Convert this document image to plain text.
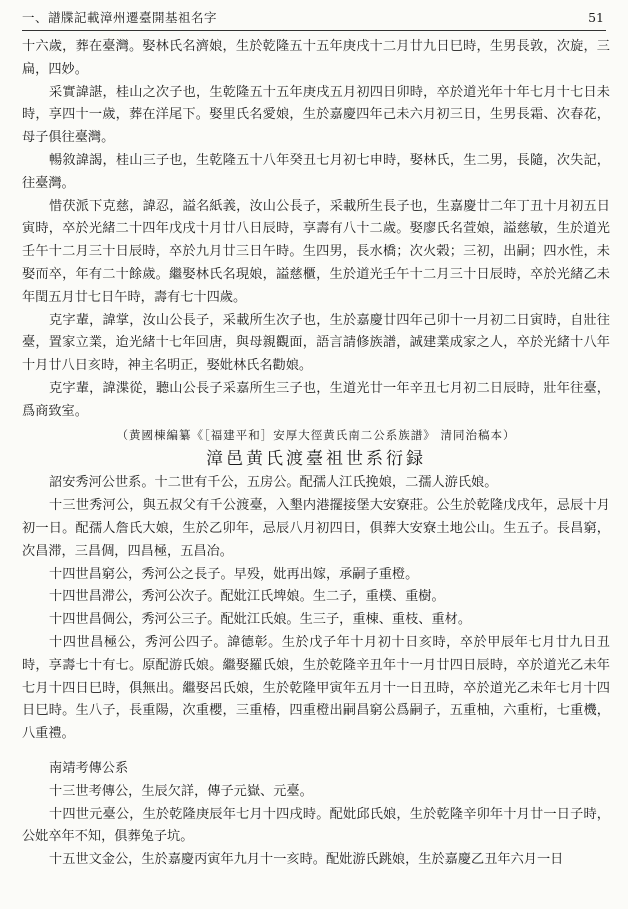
一、譜牒記載漳州遷臺開基祖名字	51

十六歲，葬在臺灣。娶林氏名濟娘，生於乾隆五十五年庚戌十二月廿九日巳時，生男長敦，次旋，三扁，四妙。

采實諱諶，桂山之次子也，生乾隆五十五年庚戌五月初四日卯時，卒於道光年十年七月十七日未時，享四十一歲，葬在洋尾下。娶里氏名愛娘，生於嘉慶四年己未六月初三日，生男長霜、次春花，母子俱往臺灣。

暢敘諱謁，桂山三子也，生乾隆五十八年癸丑七月初七申時，娶林氏，生二男，長隨，次失記，往臺灣。

惜茯派下克慈，諱忍，謚名紙義，汝山公長子，采載所生長子也，生嘉慶廿二年丁丑十月初五日寅時，卒於光緒二十四年戊戌十月廿八日辰時，享壽有八十二歲。娶廖氏名萱娘，謚慈敏，生於道光壬午十二月三十日辰時，卒於九月廿三日午時。生四男，長水橋；次火榖；三初，出嗣；四水性，未娶而卒，年有二十餘歲。繼娶林氏名現娘，謚慈櫃，生於道光壬午十二月三十日辰時，卒於光緒乙未年閏五月廿七日午時，壽有七十四歲。

克字輩，諱掌，汝山公長子，采載所生次子也，生於嘉慶廿四年己卯十一月初二日寅時，自壯往臺，置家立業，迨光緒十七年回唐，與母親觀面，語言請修族譜，誠建業成家之人，卒於光緒十八年十月廿八日亥時，神主名明正，娶妣林氏名勸娘。

克字輩，諱渫從，聽山公長子采嘉所生三子也，生道光廿一年辛丑七月初二日辰時，壯年往臺，爲商致室。

（黄國棟編纂《［福建平和］安厚大徑黄氏南二公系族譜》 清同治稿本）

漳邑黄氏渡臺祖世系衍録

詔安秀河公世系。十二世有千公，五房公。配孺人江氏挽娘，二孺人游氏娘。

十三世秀河公，與五叔父有千公渡臺，入墾内港擺接堡大安寮莊。公生於乾隆戊戌年，忌辰十月初一日。配孺人詹氏大娘，生於乙卯年，忌辰八月初四日，俱葬大安寮土地公山。生五子。長昌窮，次昌滞，三昌倜，四昌極，五昌冶。

十四世昌窮公，秀河公之長子。早殁，妣再出嫁，承嗣子重橙。

十四世昌滞公，秀河公次子。配妣江氏埤娘。生二子，重樸、重樹。

十四世昌倜公，秀河公三子。配妣江氏娘。生三子，重棟、重枝、重材。

十四世昌極公，秀河公四子。諱德彰。生於戊子年十月初十日亥時，卒於甲辰年七月廿九日丑時，享壽七十有七。原配游氏娘。繼娶羅氏娘，生於乾隆辛丑年十一月廿四日辰時，卒於道光乙未年七月十四日巳時，俱無出。繼娶呂氏娘，生於乾隆甲寅年五月十一日丑時，卒於道光乙未年七月十四日巳時。生八子，長重陽，次重櫻，三重椿，四重橙出嗣昌窮公爲嗣子，五重柚，六重桁，七重機，八重禮。

南靖考傳公系

十三世考傳公，生辰欠詳，傳子元嶽、元臺。

十四世元臺公，生於乾隆庚辰年七月十四戌時。配妣邱氏娘，生於乾隆辛卯年十月廿一日子時，公妣卒年不知，俱葬兔子坑。

十五世文金公，生於嘉慶丙寅年九月十一亥時。配妣游氏跳娘，生於嘉慶乙丑年六月一日
